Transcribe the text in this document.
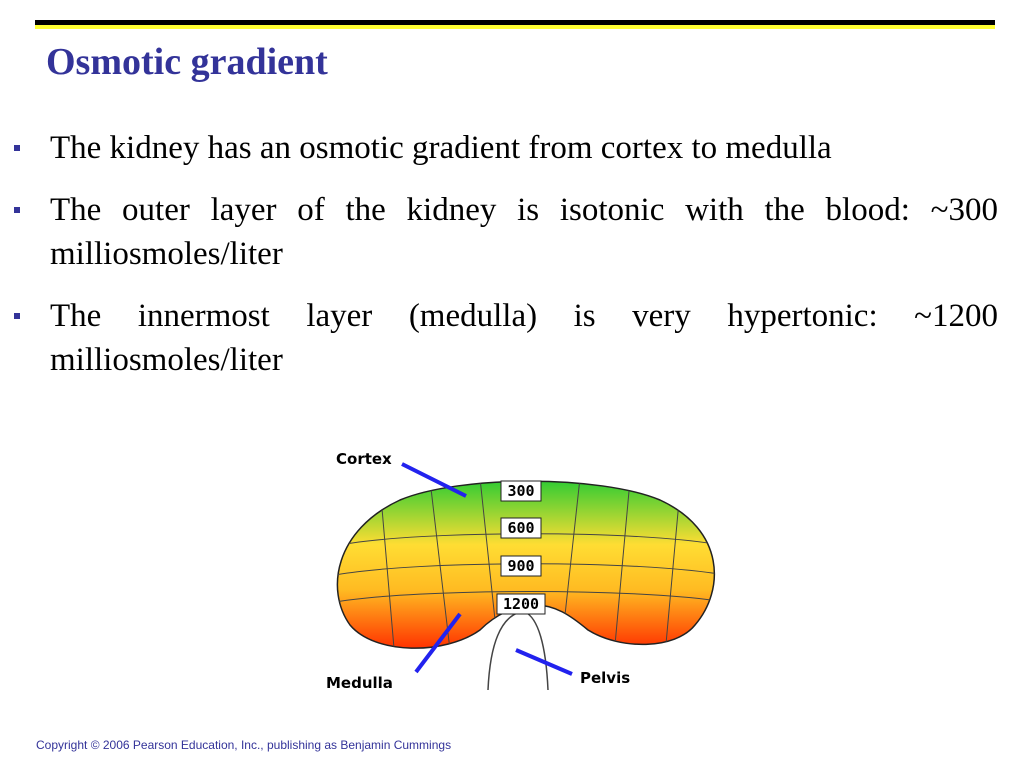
Osmotic gradient
The kidney has an osmotic gradient from cortex to medulla
The outer layer of the kidney is isotonic with the blood: ~300 milliosmoles/liter
The innermost layer (medulla) is very hypertonic: ~1200 milliosmoles/liter
300
600
900
1200
Cortex
Medulla	Pelvis
Copyright © 2006 Pearson Education, Inc., publishing as Benjamin Cummings
